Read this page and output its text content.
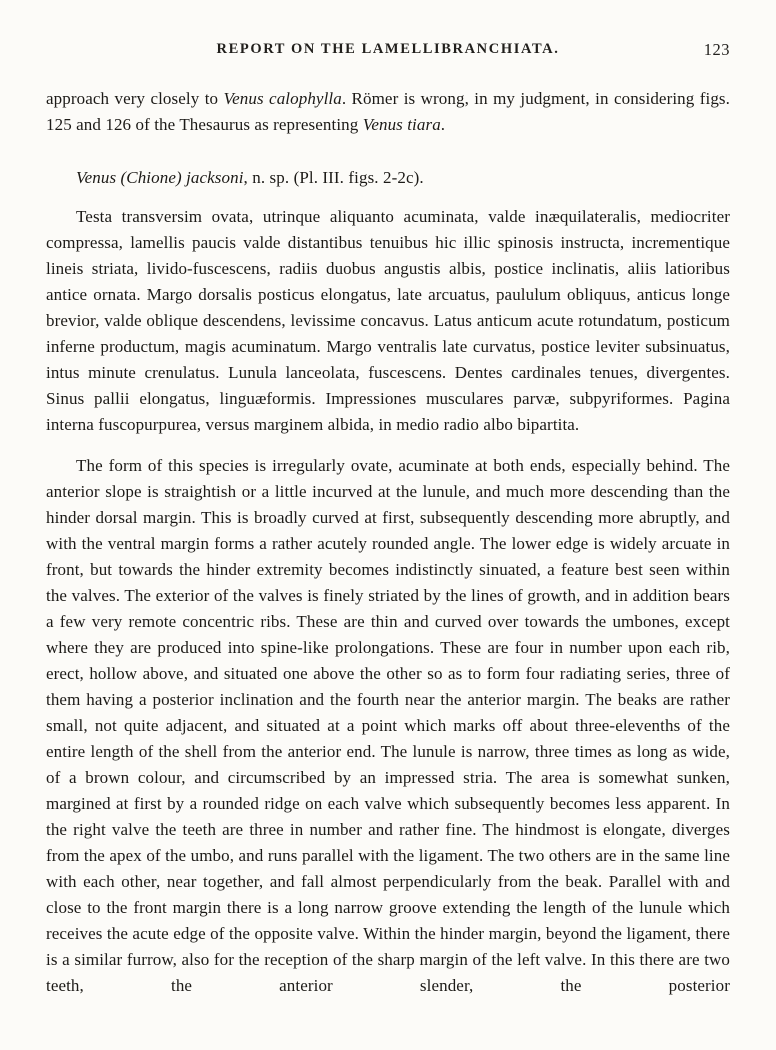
REPORT ON THE LAMELLIBRANCHIATA.	123

approach very closely to Venus calophylla. Römer is wrong, in my judgment, in considering figs. 125 and 126 of the Thesaurus as representing Venus tiara.

Venus (Chione) jacksoni, n. sp. (Pl. III. figs. 2-2c).

Testa transversim ovata, utrinque aliquanto acuminata, valde inæquilateralis, mediocriter compressa, lamellis paucis valde distantibus tenuibus hic illic spinosis instructa, incrementique lineis striata, livido-fuscescens, radiis duobus angustis albis, postice inclinatis, aliis latioribus antice ornata. Margo dorsalis posticus elongatus, late arcuatus, paululum obliquus, anticus longe brevior, valde oblique descendens, levissime concavus. Latus anticum acute rotundatum, posticum inferne productum, magis acuminatum. Margo ventralis late curvatus, postice leviter subsinuatus, intus minute crenulatus. Lunula lanceolata, fuscescens. Dentes cardinales tenues, divergentes. Sinus pallii elongatus, linguæformis. Impressiones musculares parvæ, subpyriformes. Pagina interna fuscopurpurea, versus marginem albida, in medio radio albo bipartita.

The form of this species is irregularly ovate, acuminate at both ends, especially behind. The anterior slope is straightish or a little incurved at the lunule, and much more descending than the hinder dorsal margin. This is broadly curved at first, subsequently descending more abruptly, and with the ventral margin forms a rather acutely rounded angle. The lower edge is widely arcuate in front, but towards the hinder extremity becomes indistinctly sinuated, a feature best seen within the valves. The exterior of the valves is finely striated by the lines of growth, and in addition bears a few very remote concentric ribs. These are thin and curved over towards the umbones, except where they are produced into spine-like prolongations. These are four in number upon each rib, erect, hollow above, and situated one above the other so as to form four radiating series, three of them having a posterior inclination and the fourth near the anterior margin. The beaks are rather small, not quite adjacent, and situated at a point which marks off about three-elevenths of the entire length of the shell from the anterior end. The lunule is narrow, three times as long as wide, of a brown colour, and circumscribed by an impressed stria. The area is somewhat sunken, margined at first by a rounded ridge on each valve which subsequently becomes less apparent. In the right valve the teeth are three in number and rather fine. The hindmost is elongate, diverges from the apex of the umbo, and runs parallel with the ligament. The two others are in the same line with each other, near together, and fall almost perpendicularly from the beak. Parallel with and close to the front margin there is a long narrow groove extending the length of the lunule which receives the acute edge of the opposite valve. Within the hinder margin, beyond the ligament, there is a similar furrow, also for the reception of the sharp margin of the left valve. In this there are two teeth, the anterior slender, the posterior
